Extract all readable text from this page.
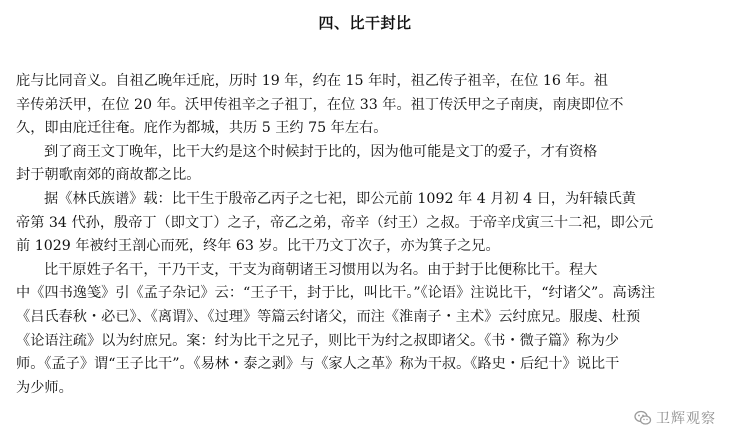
四、比干封比
庇与比同音义。自祖乙晚年迁庇，历时 19 年，约在 15 年时，祖乙传子祖辛，在位 16 年。祖
辛传弟沃甲，在位 20 年。沃甲传祖辛之子祖丁，在位 33 年。祖丁传沃甲之子南庚，南庚即位不
久，即由庇迁往奄。庇作为都城，共历 5 王约 75 年左右。
到了商王文丁晚年，比干大约是这个时候封于比的，因为他可能是文丁的爱子，才有资格
封于朝歌南郊的商故都之比。
据《林氏族谱》载：比干生于殷帝乙丙子之七祀，即公元前 1092 年 4 月初 4 日，为轩辕氏黄
帝第 34 代孙，殷帝丁（即文丁）之子，帝乙之弟，帝辛（纣王）之叔。于帝辛戊寅三十二祀，即公元
前 1029 年被纣王剖心而死，终年 63 岁。比干乃文丁次子，亦为箕子之兄。
比干原姓子名干，干乃干支，干支为商朝诸王习惯用以为名。由于封于比便称比干。程大
中《四书逸笺》引《孟子杂记》云：“王子干，封于比，叫比干。”《论语》注说比干，“纣诸父”。高诱注
《吕氏春秋・必已》、《离谓》、《过理》等篇云纣诸父，而注《淮南子・主术》云纣庶兄。服虔、杜预
《论语注疏》以为纣庶兄。案：纣为比干之兄子，则比干为纣之叔即诸父。《书・微子篇》称为少
师。《孟子》谓“王子比干”。《易林・泰之剥》与《家人之革》称为干叔。《路史・后纪十》说比干
为少师。
卫辉观察
